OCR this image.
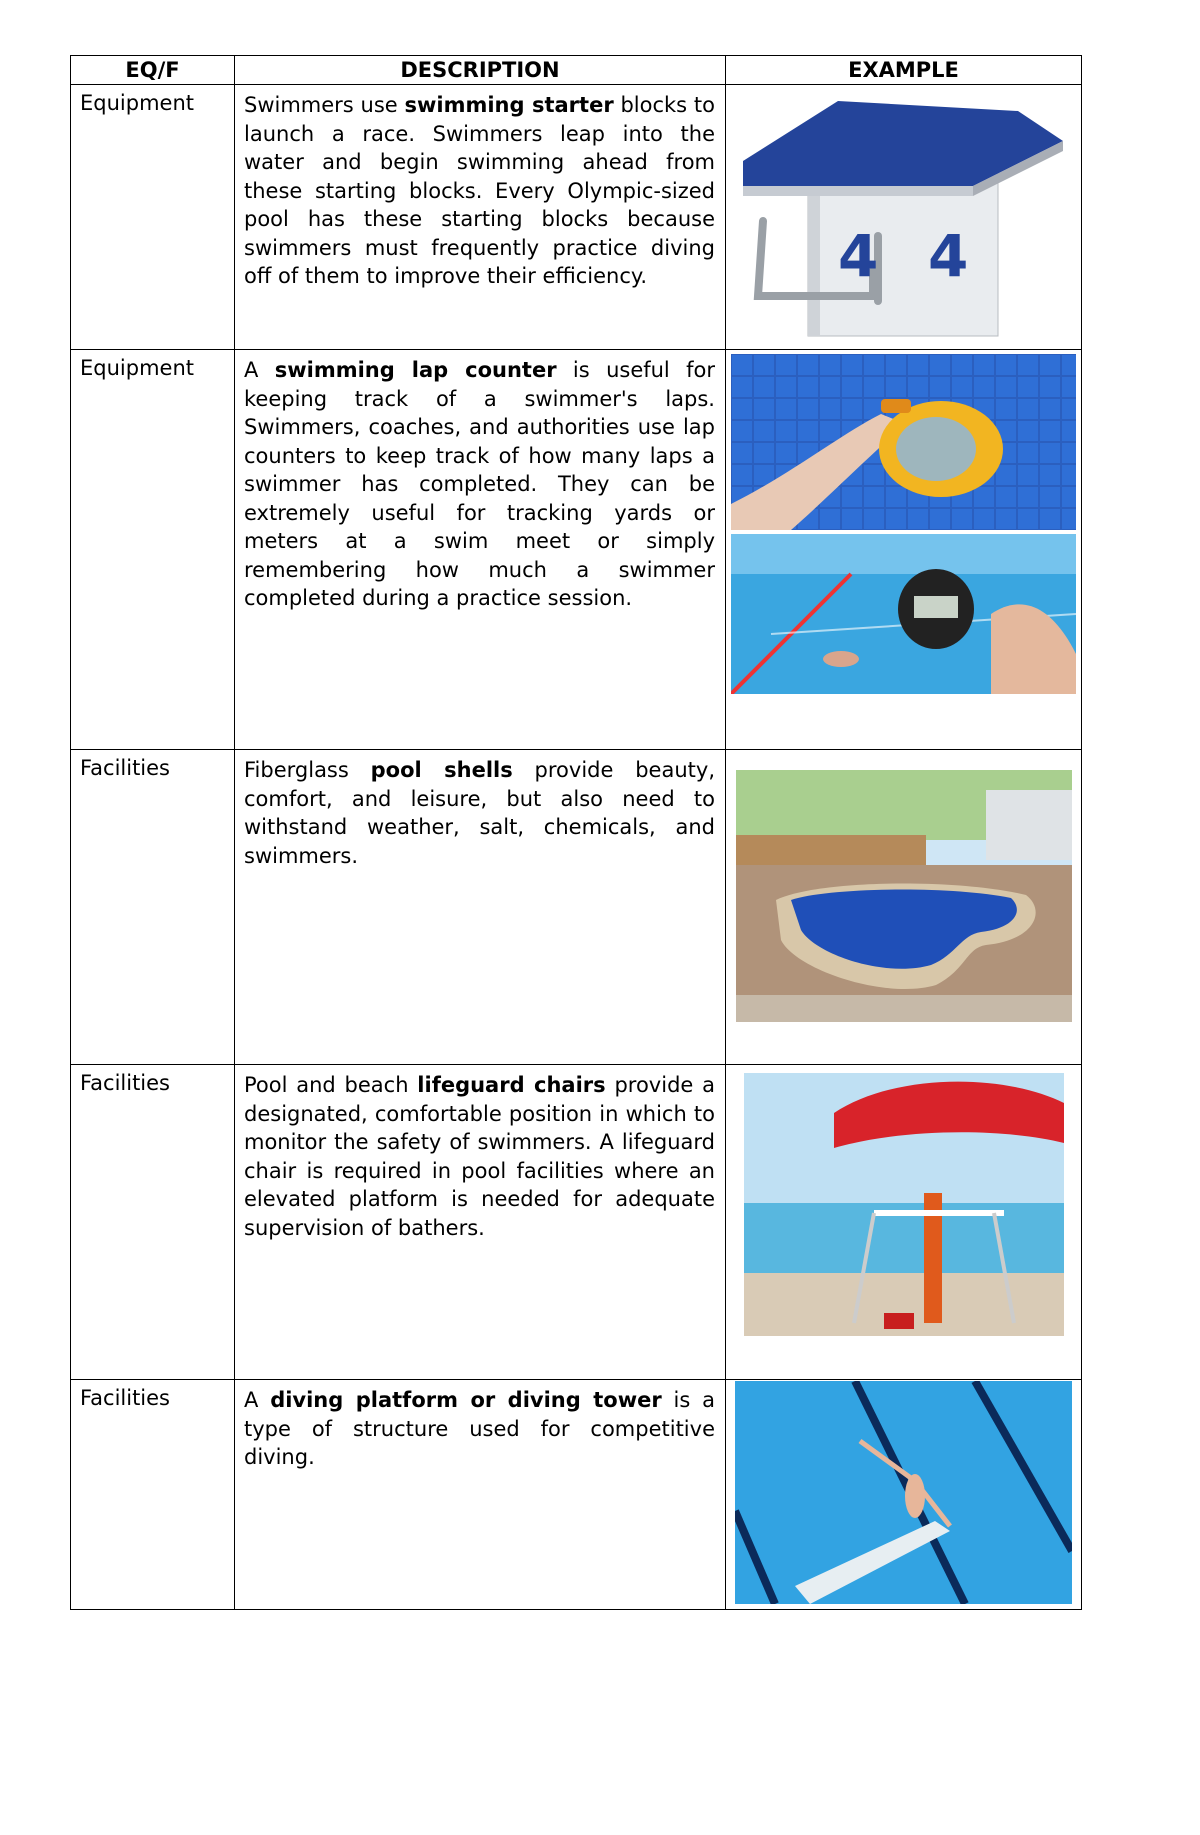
EQ/F	DESCRIPTION	EXAMPLE
Equipment	Swimmers use swimming starter blocks to launch a race. Swimmers leap into the water and begin swimming ahead from these starting blocks. Every Olympic-sized pool has these starting blocks because swimmers must frequently practice diving off of them to improve their efficiency.	4 4

Equipment	A swimming lap counter is useful for keeping track of a swimmer's laps. Swimmers, coaches, and authorities use lap counters to keep track of how many laps a swimmer has completed. They can be extremely useful for tracking yards or meters at a swim meet or simply remembering how much a swimmer completed during a practice session.	

Facilities	Fiberglass pool shells provide beauty, comfort, and leisure, but also need to withstand weather, salt, chemicals, and swimmers.	

Facilities	Pool and beach lifeguard chairs provide a designated, comfortable position in which to monitor the safety of swimmers. A lifeguard chair is required in pool facilities where an elevated platform is needed for adequate supervision of bathers.	

Facilities	A diving platform or diving tower is a type of structure used for competitive diving.	
